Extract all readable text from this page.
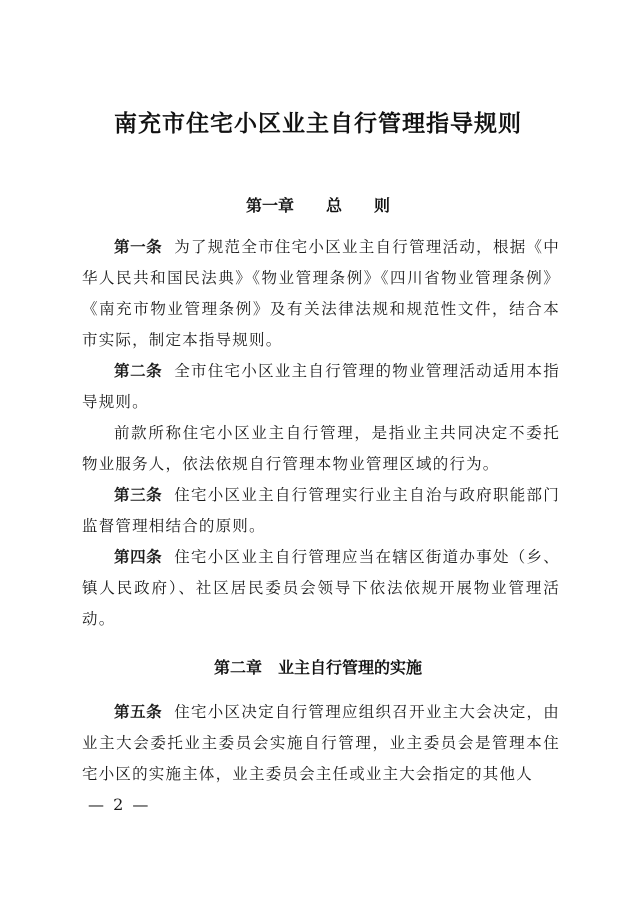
南充市住宅小区业主自行管理指导规则
第一章　　总　　则

第一条 为了规范全市住宅小区业主自行管理活动，根据《中华人民共和国民法典》《物业管理条例》《四川省物业管理条例》《南充市物业管理条例》及有关法律法规和规范性文件，结合本市实际，制定本指导规则。

第二条 全市住宅小区业主自行管理的物业管理活动适用本指导规则。

前款所称住宅小区业主自行管理，是指业主共同决定不委托物业服务人，依法依规自行管理本物业管理区域的行为。

第三条 住宅小区业主自行管理实行业主自治与政府职能部门监督管理相结合的原则。

第四条 住宅小区业主自行管理应当在辖区街道办事处（乡、镇人民政府）、社区居民委员会领导下依法依规开展物业管理活动。

第二章　业主自行管理的实施

第五条 住宅小区决定自行管理应组织召开业主大会决定，由业主大会委托业主委员会实施自行管理，业主委员会是管理本住宅小区的实施主体，业主委员会主任或业主大会指定的其他人

— 2 —
